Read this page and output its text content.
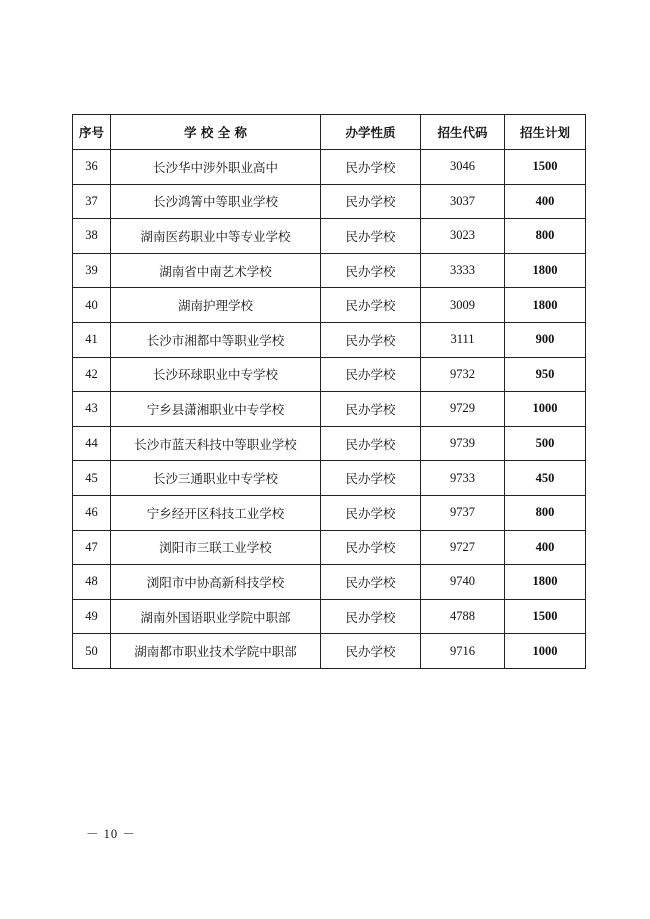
序号	学 校 全 称	办学性质	招生代码	招生计划
36	长沙华中涉外职业高中	民办学校	3046	1500
37	长沙鸿箐中等职业学校	民办学校	3037	400
38	湖南医药职业中等专业学校	民办学校	3023	800
39	湖南省中南艺术学校	民办学校	3333	1800
40	湖南护理学校	民办学校	3009	1800
41	长沙市湘都中等职业学校	民办学校	3111	900
42	长沙环球职业中专学校	民办学校	9732	950
43	宁乡县潇湘职业中专学校	民办学校	9729	1000
44	长沙市蓝天科技中等职业学校	民办学校	9739	500
45	长沙三通职业中专学校	民办学校	9733	450
46	宁乡经开区科技工业学校	民办学校	9737	800
47	浏阳市三联工业学校	民办学校	9727	400
48	浏阳市中协高新科技学校	民办学校	9740	1800
49	湖南外国语职业学院中职部	民办学校	4788	1500
50	湖南都市职业技术学院中职部	民办学校	9716	1000
－ 10 －
